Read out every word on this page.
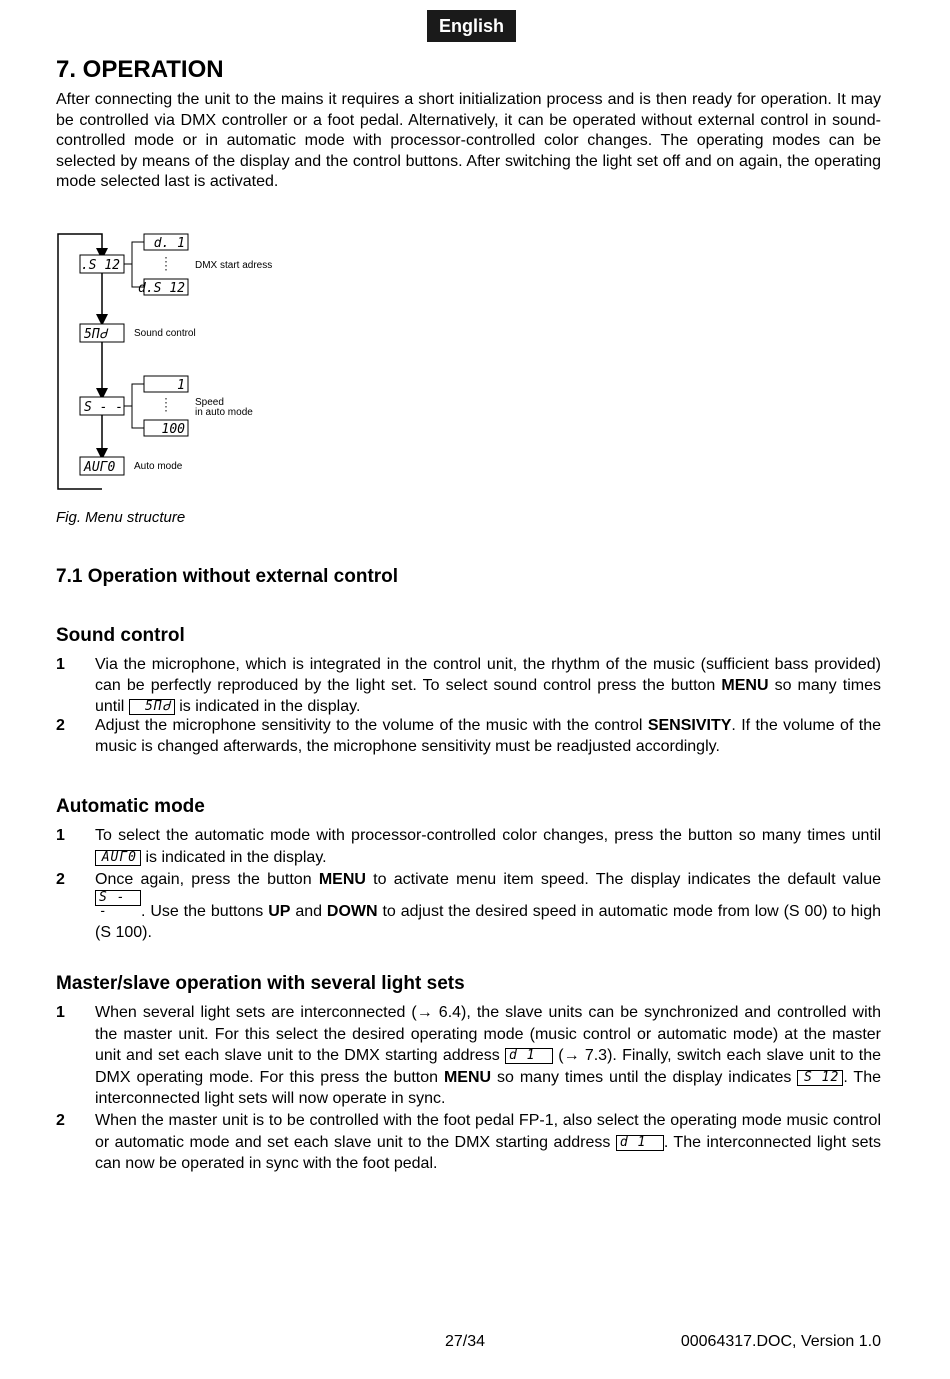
English
7. OPERATION

After connecting the unit to the mains it requires a short initialization process and is then ready for operation. It may be controlled via DMX controller or a foot pedal. Alternatively, it can be operated without external control in sound-controlled mode or in automatic mode with processor-controlled color changes. The operating modes can be selected by means of the display and the control buttons. After switching the light set off and on again, the operating mode selected last is activated.

.S 12
d. 1
d.S 12
5ΠᏧ
S - -
1
100
AUΓ0
DMX start adress
Sound control
Speed
in auto mode
Auto mode
Fig. Menu structure
7.1 Operation without external control
Sound control
1	Via the microphone, which is integrated in the control unit, the rhythm of the music (sufficient bass provided) can be perfectly reproduced by the light set. To select sound control press the button MENU so many times until 5ΠᏧ is indicated in the display.
2	Adjust the microphone sensitivity to the volume of the music with the control SENSIVITY. If the volume of the music is changed afterwards, the microphone sensitivity must be readjusted accordingly.
Automatic mode
1	To select the automatic mode with processor-controlled color changes, press the button so many times until AUΓ0 is indicated in the display.
2	Once again, press the button MENU to activate menu item speed. The display indicates the default value S - - . Use the buttons UP and DOWN to adjust the desired speed in automatic mode from low (S 00) to high (S 100).
Master/slave operation with several light sets
1	When several light sets are interconnected (→ 6.4), the slave units can be synchronized and controlled with the master unit. For this select the desired operating mode (music control or automatic mode) at the master unit and set each slave unit to the DMX starting address d 1 (→ 7.3). Finally, switch each slave unit to the DMX operating mode. For this press the button MENU so many times until the display indicates S 12 . The interconnected light sets will now operate in sync.
2	When the master unit is to be controlled with the foot pedal FP-1, also select the operating mode music control or automatic mode and set each slave unit to the DMX starting address d 1 . The interconnected light sets can now be operated in sync with the foot pedal.
27/34	00064317.DOC, Version 1.0
